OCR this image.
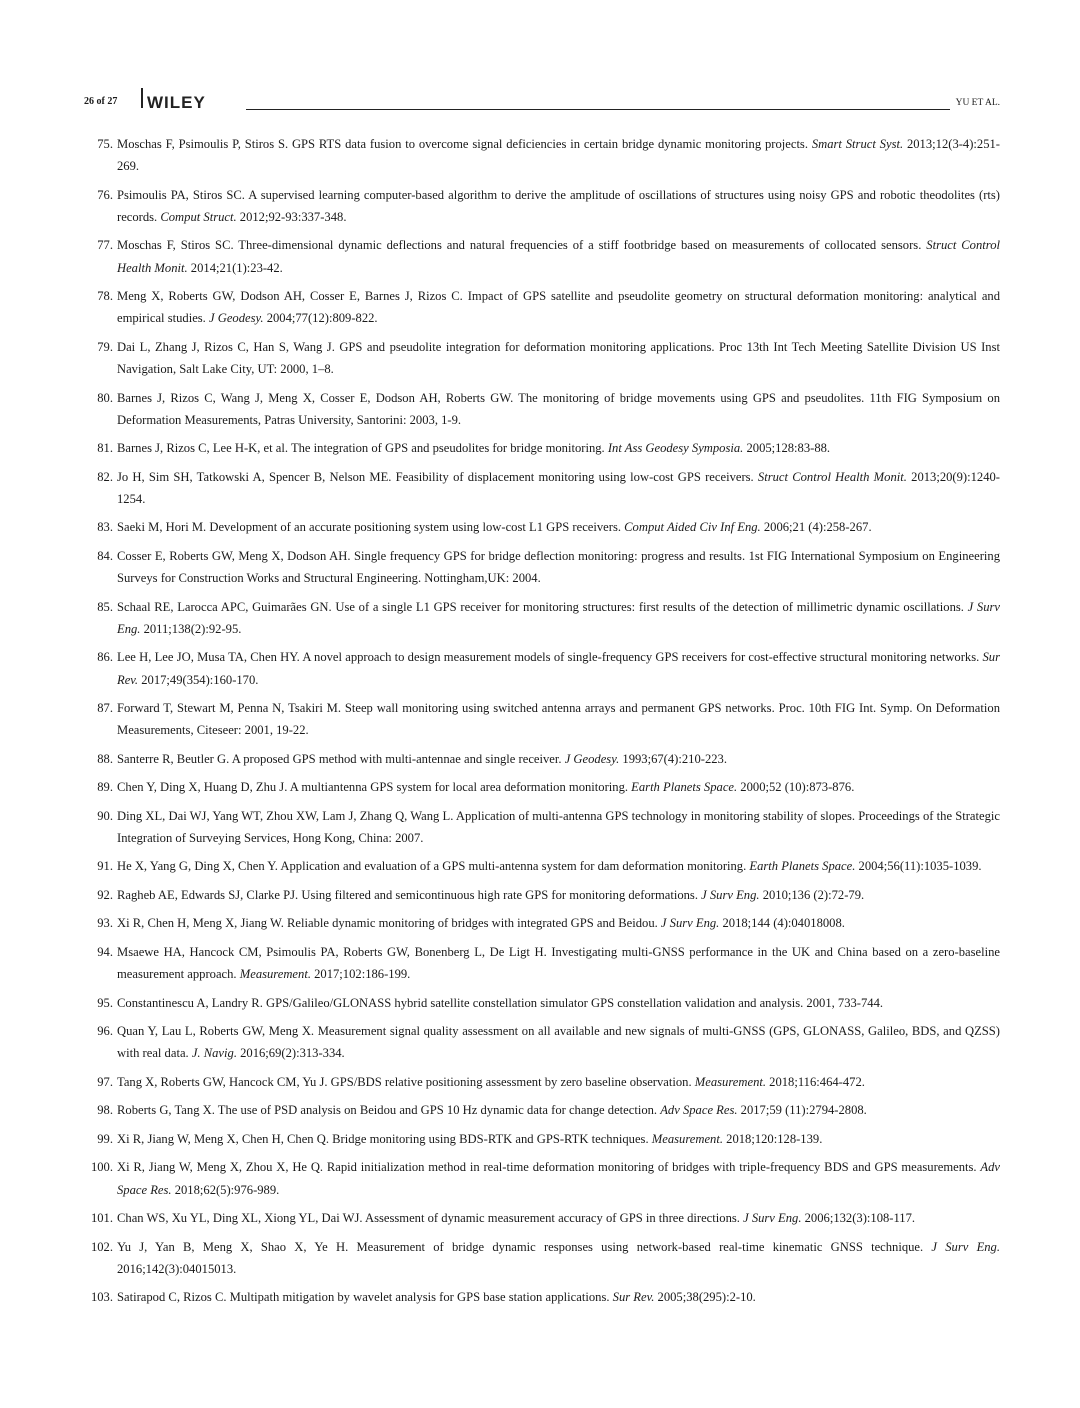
26 of 27 WILEY	YU ET AL.
75. Moschas F, Psimoulis P, Stiros S. GPS RTS data fusion to overcome signal deficiencies in certain bridge dynamic monitoring projects. Smart Struct Syst. 2013;12(3-4):251-269.
76. Psimoulis PA, Stiros SC. A supervised learning computer-based algorithm to derive the amplitude of oscillations of structures using noisy GPS and robotic theodolites (rts) records. Comput Struct. 2012;92-93:337-348.
77. Moschas F, Stiros SC. Three-dimensional dynamic deflections and natural frequencies of a stiff footbridge based on measurements of collocated sensors. Struct Control Health Monit. 2014;21(1):23-42.
78. Meng X, Roberts GW, Dodson AH, Cosser E, Barnes J, Rizos C. Impact of GPS satellite and pseudolite geometry on structural deformation monitoring: analytical and empirical studies. J Geodesy. 2004;77(12):809-822.
79. Dai L, Zhang J, Rizos C, Han S, Wang J. GPS and pseudolite integration for deformation monitoring applications. Proc 13th Int Tech Meeting Satellite Division US Inst Navigation, Salt Lake City, UT: 2000, 1–8.
80. Barnes J, Rizos C, Wang J, Meng X, Cosser E, Dodson AH, Roberts GW. The monitoring of bridge movements using GPS and pseudolites. 11th FIG Symposium on Deformation Measurements, Patras University, Santorini: 2003, 1-9.
81. Barnes J, Rizos C, Lee H-K, et al. The integration of GPS and pseudolites for bridge monitoring. Int Ass Geodesy Symposia. 2005;128:83-88.
82. Jo H, Sim SH, Tatkowski A, Spencer B, Nelson ME. Feasibility of displacement monitoring using low-cost GPS receivers. Struct Control Health Monit. 2013;20(9):1240-1254.
83. Saeki M, Hori M. Development of an accurate positioning system using low-cost L1 GPS receivers. Comput Aided Civ Inf Eng. 2006;21 (4):258-267.
84. Cosser E, Roberts GW, Meng X, Dodson AH. Single frequency GPS for bridge deflection monitoring: progress and results. 1st FIG International Symposium on Engineering Surveys for Construction Works and Structural Engineering. Nottingham,UK: 2004.
85. Schaal RE, Larocca APC, Guimarães GN. Use of a single L1 GPS receiver for monitoring structures: first results of the detection of millimetric dynamic oscillations. J Surv Eng. 2011;138(2):92-95.
86. Lee H, Lee JO, Musa TA, Chen HY. A novel approach to design measurement models of single-frequency GPS receivers for cost-effective structural monitoring networks. Sur Rev. 2017;49(354):160-170.
87. Forward T, Stewart M, Penna N, Tsakiri M. Steep wall monitoring using switched antenna arrays and permanent GPS networks. Proc. 10th FIG Int. Symp. On Deformation Measurements, Citeseer: 2001, 19-22.
88. Santerre R, Beutler G. A proposed GPS method with multi-antennae and single receiver. J Geodesy. 1993;67(4):210-223.
89. Chen Y, Ding X, Huang D, Zhu J. A multiantenna GPS system for local area deformation monitoring. Earth Planets Space. 2000;52 (10):873-876.
90. Ding XL, Dai WJ, Yang WT, Zhou XW, Lam J, Zhang Q, Wang L. Application of multi-antenna GPS technology in monitoring stability of slopes. Proceedings of the Strategic Integration of Surveying Services, Hong Kong, China: 2007.
91. He X, Yang G, Ding X, Chen Y. Application and evaluation of a GPS multi-antenna system for dam deformation monitoring. Earth Planets Space. 2004;56(11):1035-1039.
92. Ragheb AE, Edwards SJ, Clarke PJ. Using filtered and semicontinuous high rate GPS for monitoring deformations. J Surv Eng. 2010;136 (2):72-79.
93. Xi R, Chen H, Meng X, Jiang W. Reliable dynamic monitoring of bridges with integrated GPS and Beidou. J Surv Eng. 2018;144 (4):04018008.
94. Msaewe HA, Hancock CM, Psimoulis PA, Roberts GW, Bonenberg L, De Ligt H. Investigating multi-GNSS performance in the UK and China based on a zero-baseline measurement approach. Measurement. 2017;102:186-199.
95. Constantinescu A, Landry R. GPS/Galileo/GLONASS hybrid satellite constellation simulator GPS constellation validation and analysis. 2001, 733-744.
96. Quan Y, Lau L, Roberts GW, Meng X. Measurement signal quality assessment on all available and new signals of multi-GNSS (GPS, GLONASS, Galileo, BDS, and QZSS) with real data. J. Navig. 2016;69(2):313-334.
97. Tang X, Roberts GW, Hancock CM, Yu J. GPS/BDS relative positioning assessment by zero baseline observation. Measurement. 2018;116:464-472.
98. Roberts G, Tang X. The use of PSD analysis on Beidou and GPS 10 Hz dynamic data for change detection. Adv Space Res. 2017;59 (11):2794-2808.
99. Xi R, Jiang W, Meng X, Chen H, Chen Q. Bridge monitoring using BDS-RTK and GPS-RTK techniques. Measurement. 2018;120:128-139.
100. Xi R, Jiang W, Meng X, Zhou X, He Q. Rapid initialization method in real-time deformation monitoring of bridges with triple-frequency BDS and GPS measurements. Adv Space Res. 2018;62(5):976-989.
101. Chan WS, Xu YL, Ding XL, Xiong YL, Dai WJ. Assessment of dynamic measurement accuracy of GPS in three directions. J Surv Eng. 2006;132(3):108-117.
102. Yu J, Yan B, Meng X, Shao X, Ye H. Measurement of bridge dynamic responses using network-based real-time kinematic GNSS technique. J Surv Eng. 2016;142(3):04015013.
103. Satirapod C, Rizos C. Multipath mitigation by wavelet analysis for GPS base station applications. Sur Rev. 2005;38(295):2-10.
